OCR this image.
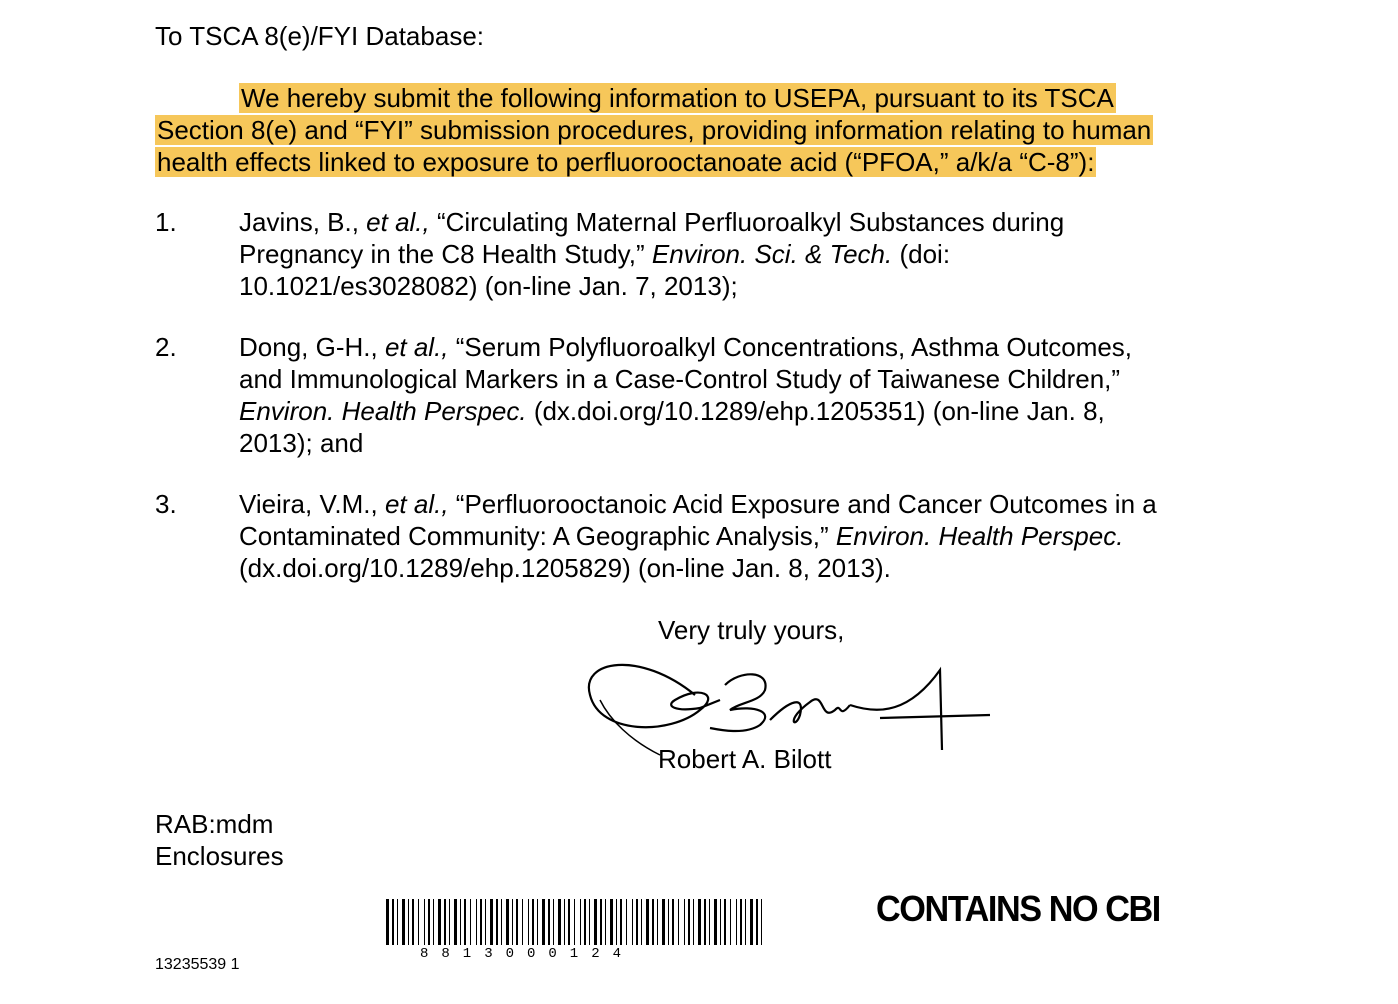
To TSCA 8(e)/FYI Database:
We hereby submit the following information to USEPA, pursuant to its TSCA
Section 8(e) and “FYI” submission procedures, providing information relating to human
health effects linked to exposure to perfluorooctanoate acid (“PFOA,” a/k/a “C-8”):
1. Javins, B., et al., “Circulating Maternal Perfluoroalkyl Substances during
Pregnancy in the C8 Health Study,” Environ. Sci. & Tech. (doi:
10.1021/es3028082) (on-line Jan. 7, 2013);
2. Dong, G-H., et al., “Serum Polyfluoroalkyl Concentrations, Asthma Outcomes,
and Immunological Markers in a Case-Control Study of Taiwanese Children,”
Environ. Health Perspec. (dx.doi.org/10.1289/ehp.1205351) (on-line Jan. 8,
2013); and
3. Vieira, V.M., et al., “Perfluorooctanoic Acid Exposure and Cancer Outcomes in a
Contaminated Community: A Geographic Analysis,” Environ. Health Perspec.
(dx.doi.org/10.1289/ehp.1205829) (on-line Jan. 8, 2013).
Very truly yours,
Robert A. Bilott
RAB:mdm
Enclosures
8813000124
CONTAINS NO CBI
13235539 1
